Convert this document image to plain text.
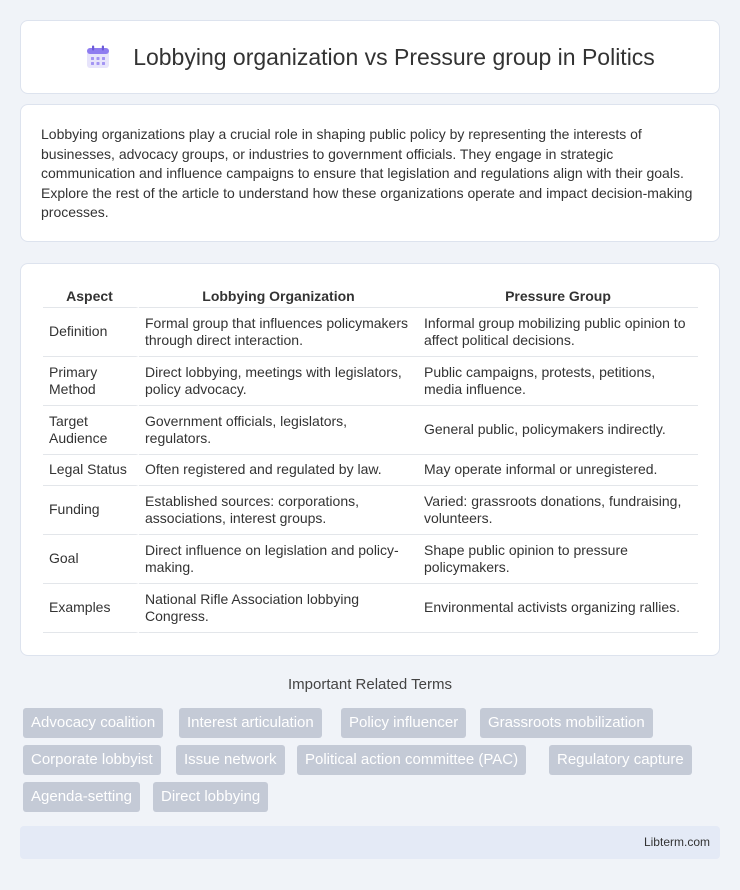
Lobbying organization vs Pressure group in Politics

Lobbying organizations play a crucial role in shaping public policy by representing the interests of businesses, advocacy groups, or industries to government officials. They engage in strategic communication and influence campaigns to ensure that legislation and regulations align with their goals. Explore the rest of the article to understand how these organizations operate and impact decision-making processes.

Aspect	Lobbying Organization	Pressure Group
Definition	Formal group that influences policymakers through direct interaction.	Informal group mobilizing public opinion to affect political decisions.
Primary Method	Direct lobbying, meetings with legislators, policy advocacy.	Public campaigns, protests, petitions, media influence.
Target Audience	Government officials, legislators, regulators.	General public, policymakers indirectly.
Legal Status	Often registered and regulated by law.	May operate informal or unregistered.
Funding	Established sources: corporations, associations, interest groups.	Varied: grassroots donations, fundraising, volunteers.
Goal	Direct influence on legislation and policy-making.	Shape public opinion to pressure policymakers.
Examples	National Rifle Association lobbying Congress.	Environmental activists organizing rallies.
Important Related Terms
Advocacy coalition	Interest articulation	Policy influencer	Grassroots mobilization
Corporate lobbyist	Issue network	Political action committee (PAC)	Regulatory capture
Agenda-setting	Direct lobbying
Libterm.com
